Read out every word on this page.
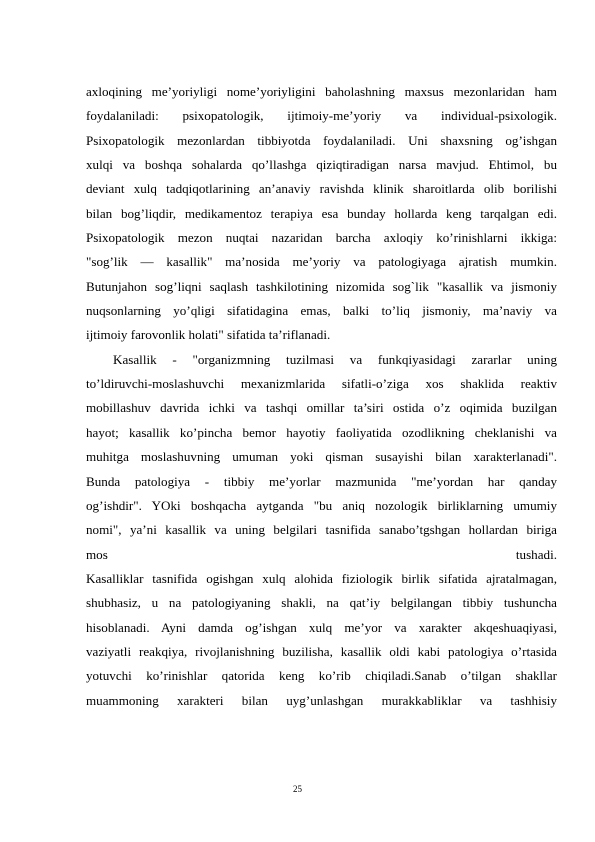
axloqining me’yoriyligi nome’yoriyligini baholashning maxsus mezonlaridan ham
foydalaniladi: psixopatologik, ijtimoiy-me’yoriy va individual-psixologik.
Psixopatologik mezonlardan tibbiyotda foydalaniladi. Uni shaxsning og’ishgan
xulqi va boshqa sohalarda qo’llashga qiziqtiradigan narsa mavjud. Ehtimol, bu
deviant xulq tadqiqotlarining an’anaviy ravishda klinik sharoitlarda olib borilishi
bilan bog’liqdir, medikamentoz terapiya esa bunday hollarda keng tarqalgan edi.
Psixopatologik mezon nuqtai nazaridan barcha axloqiy ko’rinishlarni ikkiga:
"sog’lik — kasallik" ma’nosida me’yoriy va patologiyaga ajratish mumkin.
Butunjahon sog’liqni saqlash tashkilotining nizomida sog`lik "kasallik va jismoniy
nuqsonlarning yo’qligi sifatidagina emas, balki to’liq jismoniy, ma’naviy va
ijtimoiy farovonlik holati" sifatida ta’riflanadi.
Kasallik - "organizmning tuzilmasi va funkqiyasidagi zararlar uning
to’ldiruvchi-moslashuvchi mexanizmlarida sifatli-o’ziga xos shaklida reaktiv
mobillashuv davrida ichki va tashqi omillar ta’siri ostida o’z oqimida buzilgan
hayot; kasallik ko’pincha bemor hayotiy faoliyatida ozodlikning cheklanishi va
muhitga moslashuvning umuman yoki qisman susayishi bilan xarakterlanadi".
Bunda patologiya - tibbiy me’yorlar mazmunida "me’yordan har qanday
og’ishdir". YOki boshqacha aytganda "bu aniq nozologik birliklarning umumiy
nomi", ya’ni kasallik va uning belgilari tasnifida sanabo’tgshgan hollardan biriga
mos tushadi.
Kasalliklar tasnifida ogishgan xulq alohida fiziologik birlik sifatida ajratalmagan,
shubhasiz, u na patologiyaning shakli, na qat’iy belgilangan tibbiy tushuncha
hisoblanadi. Ayni damda og’ishgan xulq me’yor va xarakter akqeshuaqiyasi,
vaziyatli reakqiya, rivojlanishning buzilisha, kasallik oldi kabi patologiya o’rtasida
yotuvchi ko’rinishlar qatorida keng ko’rib chiqiladi.Sanab o’tilgan shakllar
muammoning xarakteri bilan uyg’unlashgan murakkabliklar va tashhisiy
25
